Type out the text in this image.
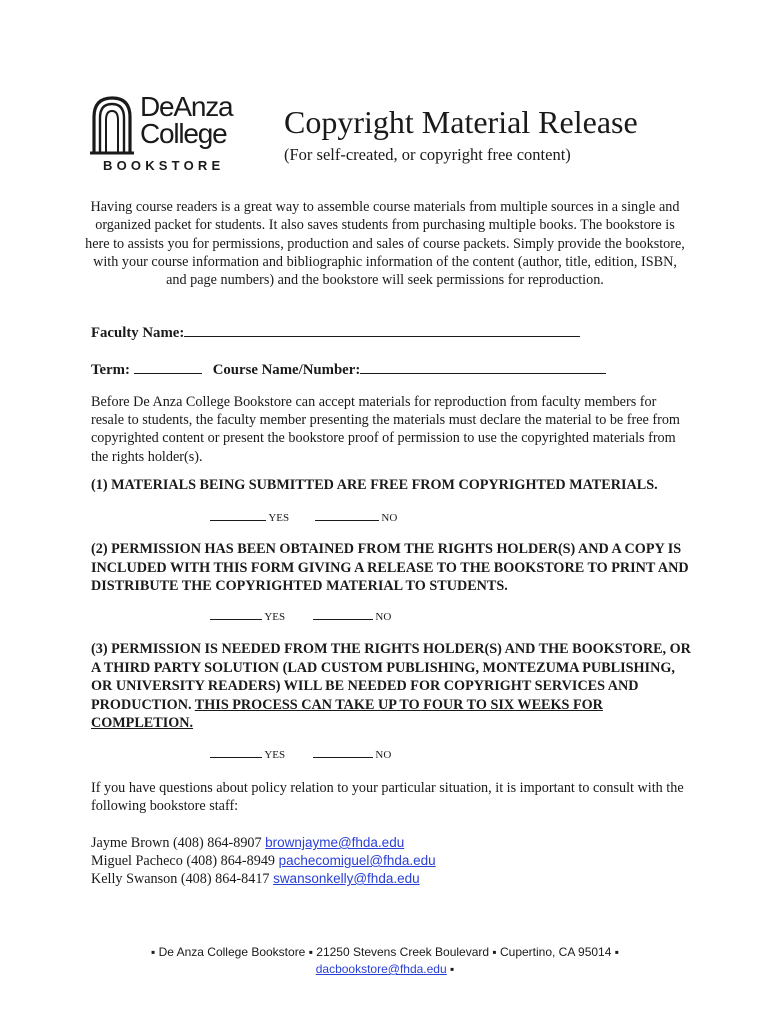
DeAnza
College
BOOKSTORE
Copyright Material Release
(For self-created, or copyright free content)
Having course readers is a great way to assemble course materials from multiple sources in a single and organized packet for students. It also saves students from purchasing multiple books. The bookstore is here to assists you for permissions, production and sales of course packets. Simply provide the bookstore, with your course information and bibliographic information of the content (author, title, edition, ISBN, and page numbers) and the bookstore will seek permissions for reproduction.
Faculty Name:
Term:	Course Name/Number:
Before De Anza College Bookstore can accept materials for reproduction from faculty members for resale to students, the faculty member presenting the materials must declare the material to be free from copyrighted content or present the bookstore proof of permission to use the copyrighted materials from the rights holder(s).
(1) MATERIALS BEING SUBMITTED ARE FREE FROM COPYRIGHTED MATERIALS.
YES	NO
(2) PERMISSION HAS BEEN OBTAINED FROM THE RIGHTS HOLDER(S) AND A COPY IS INCLUDED WITH THIS FORM GIVING A RELEASE TO THE BOOKSTORE TO PRINT AND DISTRIBUTE THE COPYRIGHTED MATERIAL TO STUDENTS.
YES	NO
(3) PERMISSION IS NEEDED FROM THE RIGHTS HOLDER(S) AND THE BOOKSTORE, OR A THIRD PARTY SOLUTION (LAD CUSTOM PUBLISHING, MONTEZUMA PUBLISHING, OR UNIVERSITY READERS) WILL BE NEEDED FOR COPYRIGHT SERVICES AND PRODUCTION. THIS PROCESS CAN TAKE UP TO FOUR TO SIX WEEKS FOR COMPLETION.
YES	NO
If you have questions about policy relation to your particular situation, it is important to consult with the following bookstore staff:
Jayme Brown (408) 864-8907 brownjayme@fhda.edu
Miguel Pacheco (408) 864-8949 pachecomiguel@fhda.edu
Kelly Swanson (408) 864-8417 swansonkelly@fhda.edu
▪ De Anza College Bookstore ▪ 21250 Stevens Creek Boulevard ▪ Cupertino, CA 95014 ▪
dacbookstore@fhda.edu ▪
